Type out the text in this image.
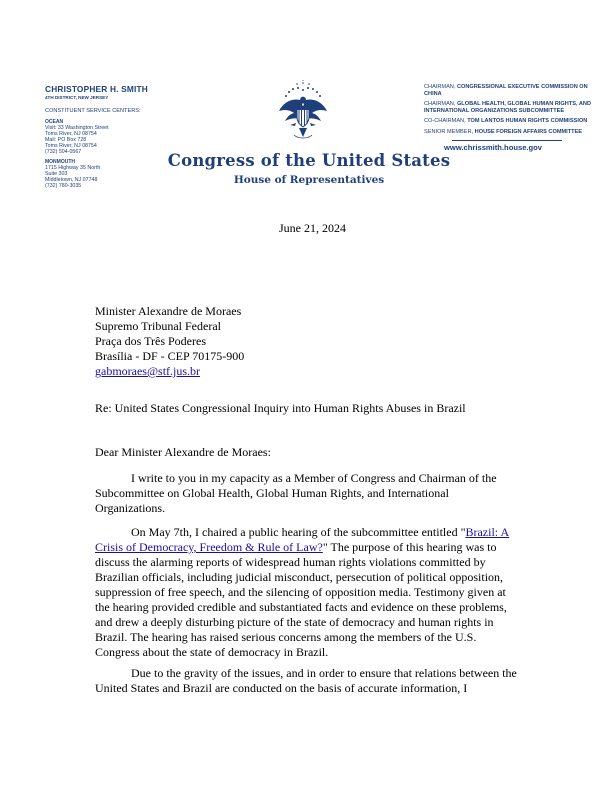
CHRISTOPHER H. SMITH
4TH DISTRICT, NEW JERSEY
CONSTITUENT SERVICE CENTERS:
OCEAN
Visit: 33 Washington Street
Toms River, NJ 08754
Mail: PO Box 728
Toms River, NJ 08754
(732) 504-0567
MONMOUTH
1715 Highway 35 North
Suite 303
Middletown, NJ 07748
(732) 780-3035
Congress of the United States
House of Representatives
CHAIRMAN, CONGRESSIONAL EXECUTIVE COMMISSION ON CHINA
CHAIRMAN, GLOBAL HEALTH, GLOBAL HUMAN RIGHTS, AND INTERNATIONAL ORGANIZATIONS SUBCOMMITTEE
CO-CHAIRMAN, TOM LANTOS HUMAN RIGHTS COMMISSION
SENIOR MEMBER, HOUSE FOREIGN AFFAIRS COMMITTEE
www.chrissmith.house.gov
June 21, 2024
Minister Alexandre de Moraes
Supremo Tribunal Federal
Praça dos Três Poderes
Brasília - DF - CEP 70175-900
gabmoraes@stf.jus.br
Re: United States Congressional Inquiry into Human Rights Abuses in Brazil
Dear Minister Alexandre de Moraes:
I write to you in my capacity as a Member of Congress and Chairman of the
Subcommittee on Global Health, Global Human Rights, and International
Organizations.
On May 7th, I chaired a public hearing of the subcommittee entitled "Brazil: A
Crisis of Democracy, Freedom & Rule of Law?" The purpose of this hearing was to
discuss the alarming reports of widespread human rights violations committed by
Brazilian officials, including judicial misconduct, persecution of political opposition,
suppression of free speech, and the silencing of opposition media. Testimony given at
the hearing provided credible and substantiated facts and evidence on these problems,
and drew a deeply disturbing picture of the state of democracy and human rights in
Brazil. The hearing has raised serious concerns among the members of the U.S.
Congress about the state of democracy in Brazil.
Due to the gravity of the issues, and in order to ensure that relations between the
United States and Brazil are conducted on the basis of accurate information, I
